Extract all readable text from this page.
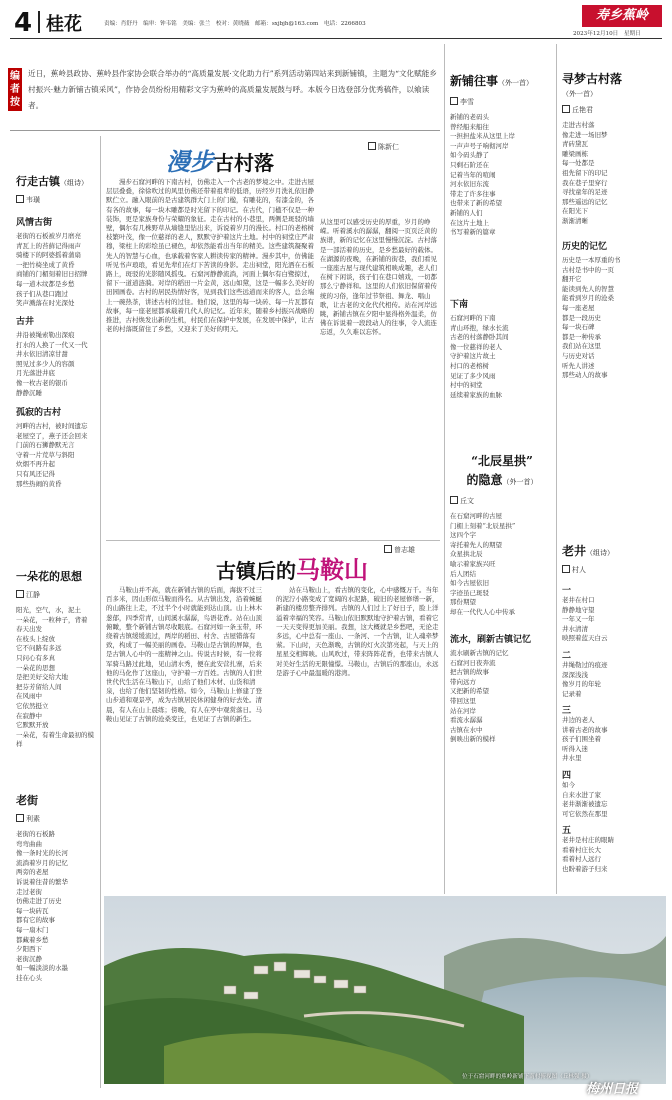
4 桂花	责编：肖舒丹　编审：钟韦铭　美编：张兰　校对：黄晓薇　邮箱：sxjbjh@163.com　电话：2266803
寿乡蕉岭
2023年12月10日　星期日
编者按
近日，蕉岭县政协、蕉岭县作家协会联合举办的“高质量发展·文化助力行”系列活动第四站来到新铺镇，主题为“文化赋能乡村振兴·魅力新铺古镇采风”，作协会员纷纷用精彩文字为蕉岭的高质量发展鼓与呼。本版今日选登部分优秀稿件，以飨读者。
行走古镇（组诗）
韦璜
风情古街
老街的石板被岁月磨亮
青瓦上的苔藓记得雨声
骑楼下的阿婆摇着蒲扇
一把竹椅坐成了黄昏
商铺的门楣刻着旧日招牌
每一道木纹都是乡愁
孩子们从巷口跑过
笑声溅落在时光深处
古井
井沿被绳索勒出深痕
打水的人换了一代又一代
井水依旧清凉甘甜
照见过多少人的容颜
月光落进井底
像一枚古老的银币
静静沉睡
孤寂的古村
河畔的古村，被时间遗忘
老屋空了，燕子还会回来
门前的石狮静默无言
守着一片荒草与斜阳
炊烟不再升起
只有风还记得
那些热闹的黄昏
一朵花的思想
江静
阳光，空气，水，泥土
一朵花，一粒种子，背着
春天出发
在枝头上绽放
它不问路有多远
只问心有多真
一朵花的思想
是把美好交给大地
把芬芳留给人间
在风雨中
它依然挺立
在寂静中
它默默开放
一朵花，有着生命最初的模样
老街
利素
老街的石板路
弯弯曲曲
像一条时光的长河
流淌着岁月的记忆
两旁的老屋
诉说着往昔的繁华
走过老街
仿佛走进了历史
每一块砖瓦
都有它的故事
每一扇木门
都藏着乡愁
夕阳西下
老街沉静
如一幅淡淡的水墨
挂在心头
漫步古村落
陈新仁
漫步石窟河畔的下南古村，仿佛走入一个古老的梦境之中。走进古屋层层叠叠，徐徐吹过的风里仿佛还带着祖辈的低语，历经岁月洗礼依旧静默伫立。融入眼前的是古建筑群大门上的门楹，有雕花的，有漆金的，各有各的故事，每一块木雕都是时光留下的印记。在古代，门楹不仅是一种装饰，更是家族身份与荣耀的象征。走在古村的小巷里，两侧是斑驳的墙壁，偶尔有几株野草从墙缝里钻出来，诉说着岁月的漫长。村口的老榕树枝繁叶茂，像一位慈祥的老人，默默守护着这片土地。村中的祠堂庄严肃穆，梁柱上的彩绘虽已褪色，却依然能看出当年的精美。这些建筑凝聚着先人的智慧与心血，也承载着客家人耕读传家的精神。漫步其中，仿佛能听见书声琅琅，看见先辈们在灯下苦读的身影。走出祠堂，阳光洒在石板路上，斑驳的光影随风摇曳。石窟河静静流淌，河面上偶尔有白鹭掠过，留下一道道涟漪。对岸的稻田一片金黄，远山如黛，这是一幅多么美好的田园画卷。古村的居民热情好客，见到我们这些远道而来的客人，总会端上一碗热茶，讲述古村的过往。他们说，这里的每一块砖、每一片瓦都有故事，每一座老屋都承载着几代人的记忆。近年来，随着乡村振兴战略的推进，古村焕发出新的生机，村民们在保护中发展，在发展中保护，让古老的村落既留住了乡愁，又迎来了美好的明天。
从这里可以感受历史的厚重，岁月的峥嵘。听着溪水的潺潺，翻阅一页页泛黄的族谱，新的记忆在这里慢慢沉淀。古村落是一部活着的历史，是乡愁最好的载体。在湖源的夜晚，在新铺的街巷，我们看见一座座古屋与现代建筑相映成趣，老人们在树下闲谈，孩子们在巷口嬉戏，一切都那么宁静祥和。这里的人们依旧保留着传统的习俗，逢年过节祭祖、舞龙、唱山歌，让古老的文化代代相传。站在河岸远眺，新铺古镇在夕阳中显得格外温柔，仿佛在诉说着一段段动人的往事，令人流连忘返，久久难以忘怀。
古镇后的马鞍山
曾志雄
马鞍山并不高，就在新铺古镇的后面，海拔不过三百多米，因山形似马鞍而得名。从古镇出发，沿着蜿蜒的山路往上走，不过半个小时就能到达山顶。山上林木葱郁，四季常青，山间溪水潺潺，鸟语花香。站在山顶俯瞰，整个新铺古镇尽收眼底。石窟河如一条玉带，环绕着古镇缓缓流过，两岸的稻田、村舍、古屋错落有致，构成了一幅美丽的画卷。马鞍山是古镇的屏障，也是古镇人心中的一座精神之山。传说古时候，有一位将军骑马路过此地，见山清水秀，便在此安营扎寨，后来他的马化作了这座山，守护着一方百姓。古镇的人们世世代代生活在马鞍山下，山给了他们木材、山货和清泉，也给了他们坚韧的性格。如今，马鞍山上修建了登山步道和观景亭，成为古镇居民休闲健身的好去处。清晨，有人在山上晨练；傍晚，有人在亭中观赏落日。马鞍山见证了古镇的沧桑变迁，也见证了古镇的新生。
站在马鞍山上，看古镇的变化，心中感慨万千。当年的泥泞小路变成了宽阔的水泥路，破旧的老屋修缮一新，新建的楼房整齐排列。古镇的人们过上了好日子，脸上洋溢着幸福的笑容。马鞍山依旧默默地守护着古镇，看着它一天天变得更加美丽。我想，这大概就是乡愁吧，无论走多远，心中总有一座山、一条河、一个古镇，让人魂牵梦萦。下山时，天色渐晚，古镇的灯火次第亮起，与天上的星星交相辉映。山风吹过，带来阵阵花香，也带来古镇人对美好生活的无限憧憬。马鞍山，古镇后的那座山，永远是游子心中最温暖的港湾。
位于石窟河畔的蕉岭新铺下南村俯视图（丘林强 摄）
新铺往事（外一首）
李雪
新铺的老码头
曾经船来船往
一担担盐米从这里上岸
一声声号子响彻河岸
如今码头静了
只剩石阶还在
记着当年的喧闹
河水依旧东流
带走了许多往事
也带来了新的希望
新铺的人们
在这片土地上
书写着新的篇章
下南
石窟河畔的下南
青山环抱，绿水长流
古老的村落静卧其间
像一位慈祥的老人
守护着这片故土
村口的老榕树
见证了多少风雨
村中的祠堂
延续着家族的血脉
“北辰星拱”
的隐意（外一首）
丘文
在石窟河畔的古屋
门楣上刻着“北辰星拱”
这四个字
寄托着先人的期望
众星拱北辰
喻示着家族兴旺
后人团结
如今古屋依旧
字迹虽已斑驳
那份期望
却在一代代人心中传承
流水，刷新古镇记忆
流水刷新古镇的记忆
石窟河日夜奔流
把古镇的故事
带向远方
又把新的希望
带回这里
站在河岸
看流水潺潺
古镇在水中
倒映出新的模样
寻梦古村落
（外一首）
丘艳君
走进古村落
像走进一场旧梦
青砖黛瓦
雕梁画栋
每一处都是
祖先留下的印记
我在巷子里穿行
寻找童年的足迹
那些遥远的记忆
在阳光下
渐渐清晰
历史的记忆
历史是一本厚重的书
古村是书中的一页
翻开它
能读到先人的智慧
能看到岁月的沧桑
每一座老屋
都是一段历史
每一块石碑
都是一种传承
我们站在这里
与历史对话
听先人讲述
那些动人的故事
老井（组诗）
村人
一
老井在村口
静静地守望
一年又一年
井水清清
映照着蓝天白云

二
井绳勒过的痕迹
深深浅浅
像岁月的年轮
记录着

三
井边的老人
讲着古老的故事
孩子们围坐着
听得入迷
井水里

四
如今
自来水进了家
老井渐渐被遗忘
可它依然在那里

五
老井是村庄的眼睛
看着村庄长大
看着村人远行
也盼着游子归来
梅州日报
